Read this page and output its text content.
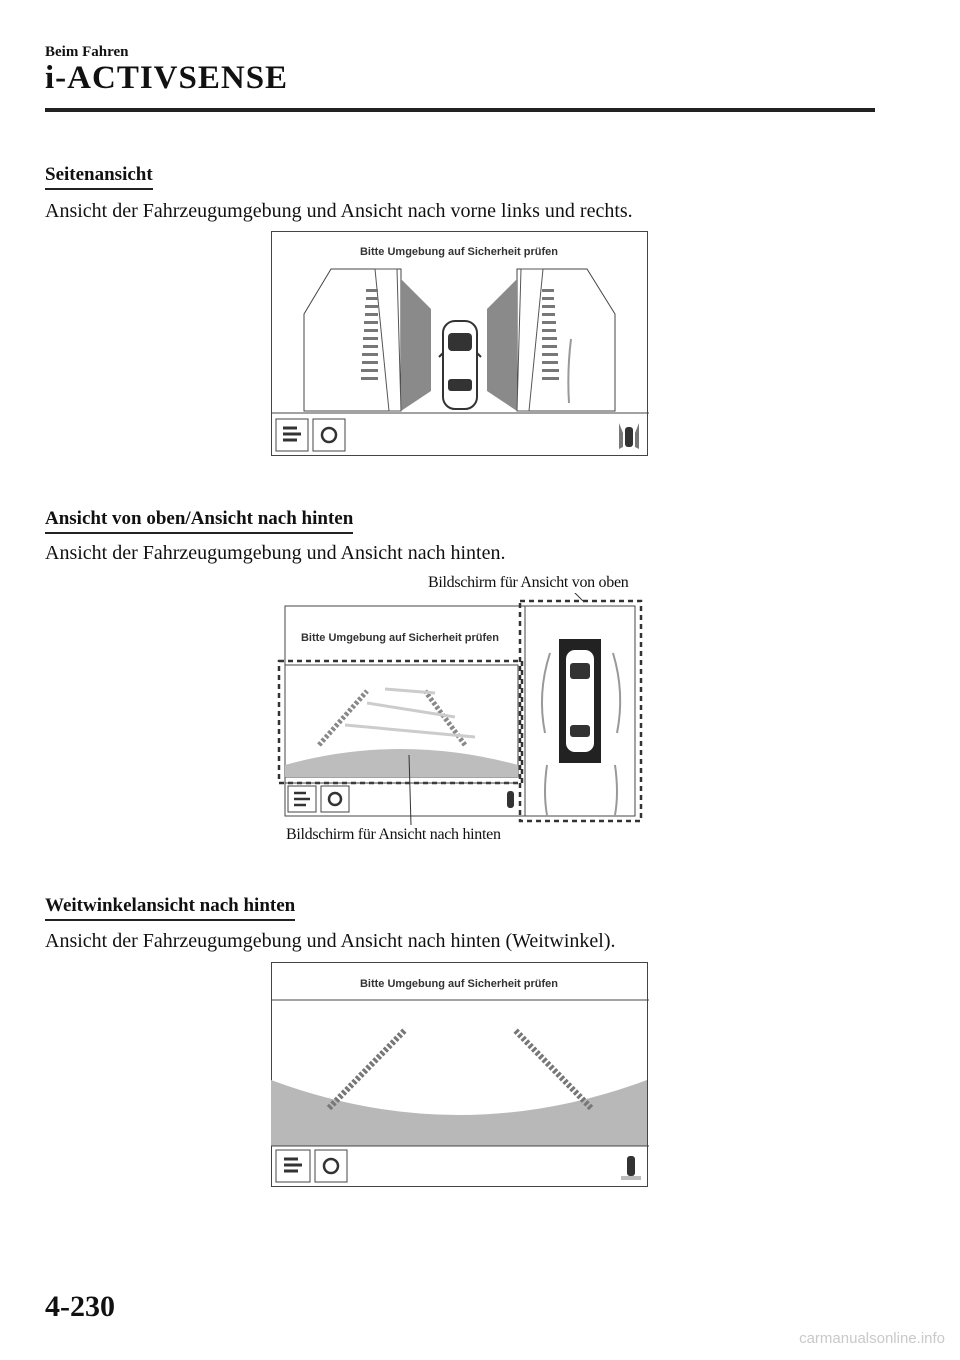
Beim Fahren
i-ACTIVSENSE
Seitenansicht
Ansicht der Fahrzeugumgebung und Ansicht nach vorne links und rechts.
Bitte Umgebung auf Sicherheit prüfen
Ansicht von oben/Ansicht nach hinten
Ansicht der Fahrzeugumgebung und Ansicht nach hinten.
Bildschirm für Ansicht von oben
Bitte Umgebung auf Sicherheit prüfen
Bildschirm für Ansicht nach hinten
Weitwinkelansicht nach hinten
Ansicht der Fahrzeugumgebung und Ansicht nach hinten (Weitwinkel).
Bitte Umgebung auf Sicherheit prüfen
4-230
carmanualsonline.info
